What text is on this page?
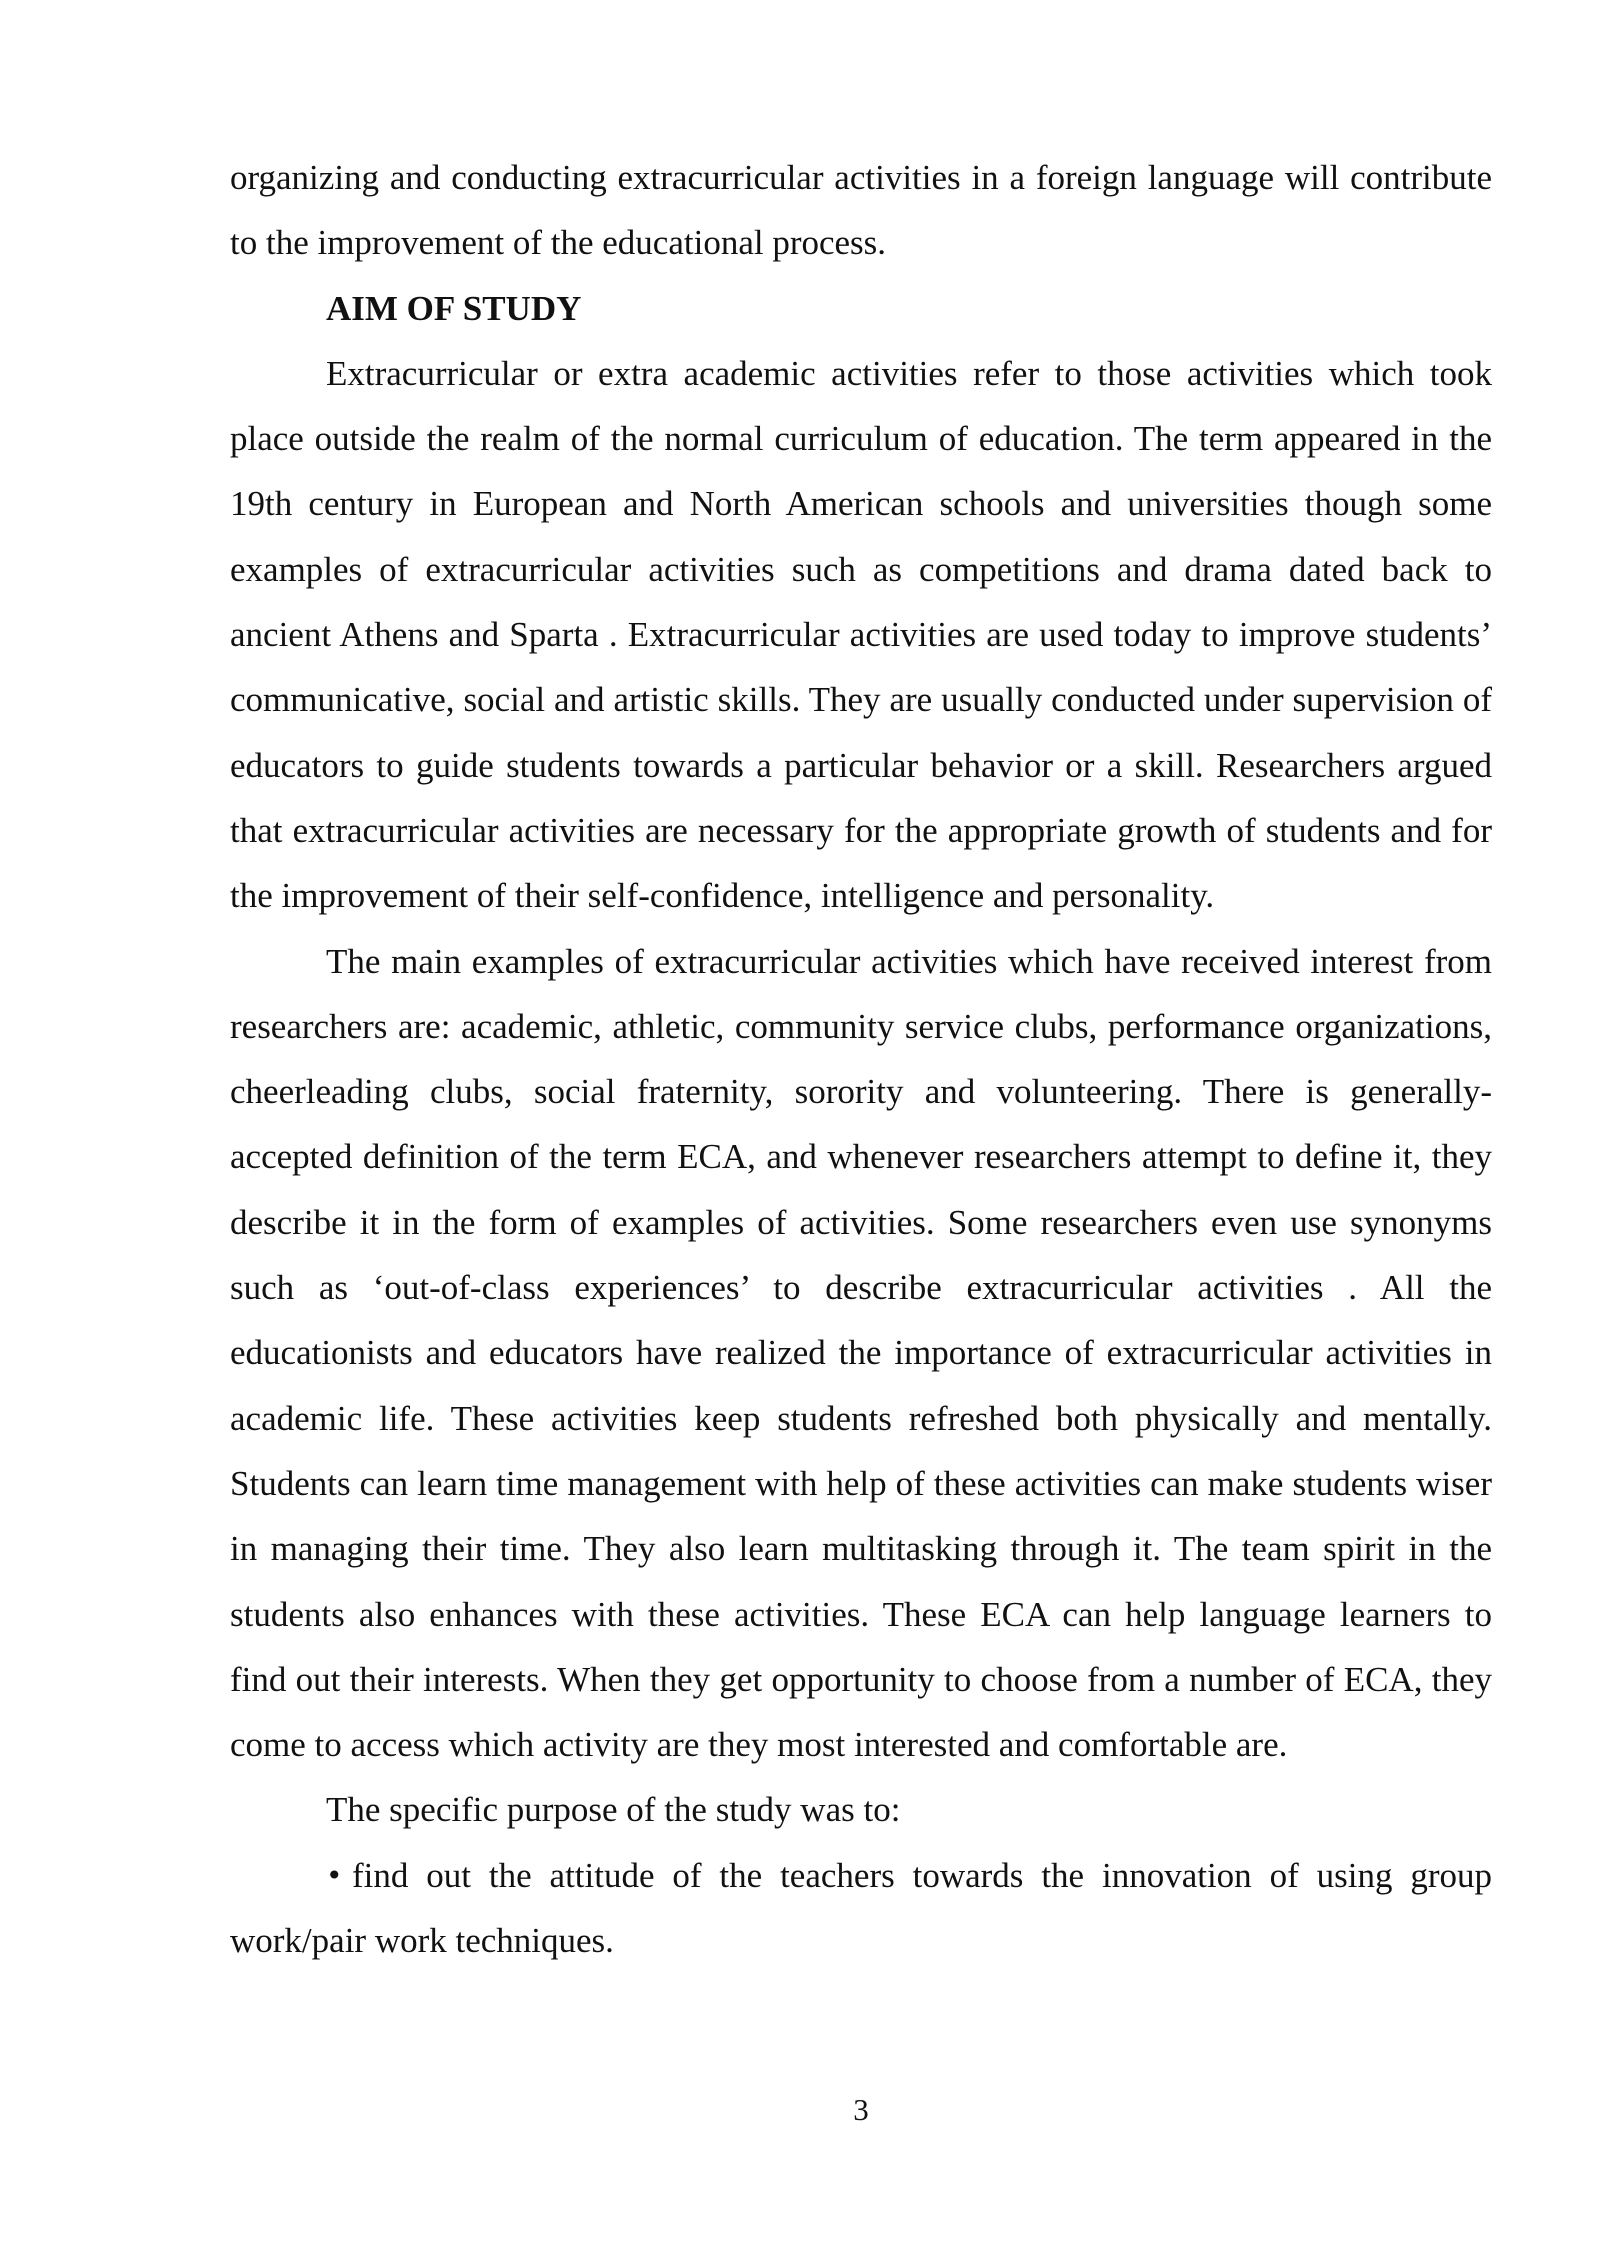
organizing and conducting extracurricular activities in a foreign language will contribute to the improvement of the educational process.

AIM OF STUDY

Extracurricular or extra academic activities refer to those activities which took place outside the realm of the normal curriculum of education. The term appeared in the 19th century in European and North American schools and universities though some examples of extracurricular activities such as competitions and drama dated back to ancient Athens and Sparta . Extracurricular activities are used today to improve students’ communicative, social and artistic skills. They are usually conducted under supervision of educators to guide students towards a particular behavior or a skill. Researchers argued that extracurricular activities are necessary for the appropriate growth of students and for the improvement of their self-confidence, intelligence and personality.

The main examples of extracurricular activities which have received interest from researchers are: academic, athletic, community service clubs, performance organizations, cheerleading clubs, social fraternity, sorority and volunteering. There is generally-accepted definition of the term ECA, and whenever researchers attempt to define it, they describe it in the form of examples of activities. Some researchers even use synonyms such as ‘out-of-class experiences’ to describe extracurricular activities . All the educationists and educators have realized the importance of extracurricular activities in academic life. These activities keep students refreshed both physically and mentally. Students can learn time management with help of these activities can make students wiser in managing their time. They also learn multitasking through it. The team spirit in the students also enhances with these activities. These ECA can help language learners to find out their interests. When they get opportunity to choose from a number of ECA, they come to access which activity are they most interested and comfortable are.

The specific purpose of the study was to:

• find out the attitude of the teachers towards the innovation of using group work/pair work techniques.

3
